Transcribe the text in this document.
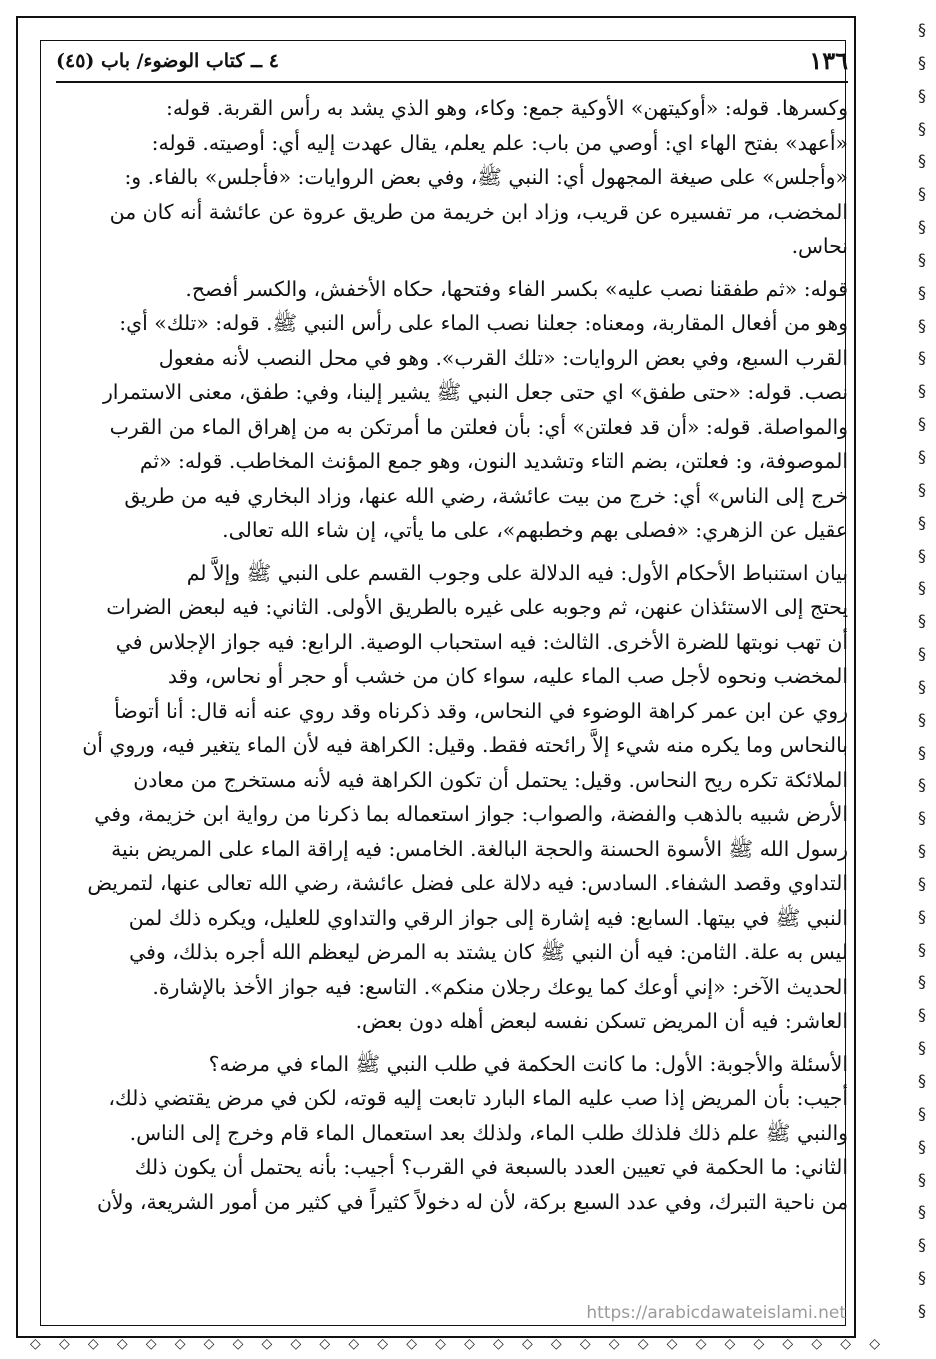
§
§
§
§
§
§
§
§
§
§
§
§
§
§
§
§
§
§
§
§
§
§
§
§
§
§
§
§
§
§
§
§
§
§
§
§
§
§
§
§
◇ ◇ ◇ ◇ ◇ ◇ ◇ ◇ ◇ ◇ ◇ ◇ ◇ ◇ ◇ ◇ ◇ ◇ ◇ ◇ ◇ ◇ ◇ ◇ ◇ ◇ ◇ ◇ ◇ ◇
١٣٦
٤ ــ كتاب الوضوء/ باب (٤٥)
وكسرها. قوله: «أوكيتهن» الأوكية جمع: وكاء، وهو الذي يشد به رأس القربة. قوله:
«أعهد» بفتح الهاء اي: أوصي من باب: علم يعلم، يقال عهدت إليه أي: أوصيته. قوله:
«وأجلس» على صيغة المجهول أي: النبي ﷺ، وفي بعض الروايات: «فأجلس» بالفاء. و:
المخضب، مر تفسيره عن قريب، وزاد ابن خريمة من طريق عروة عن عائشة أنه كان من
نحاس.
قوله: «ثم طفقنا نصب عليه» بكسر الفاء وفتحها، حكاه الأخفش، والكسر أفصح.
وهو من أفعال المقاربة، ومعناه: جعلنا نصب الماء على رأس النبي ﷺ. قوله: «تلك» أي:
القرب السبع، وفي بعض الروايات: «تلك القرب». وهو في محل النصب لأنه مفعول
نصب. قوله: «حتى طفق» اي حتى جعل النبي ﷺ يشير إلينا، وفي: طفق، معنى الاستمرار
والمواصلة. قوله: «أن قد فعلتن» أي: بأن فعلتن ما أمرتكن به من إهراق الماء من القرب
الموصوفة، و: فعلتن، بضم التاء وتشديد النون، وهو جمع المؤنث المخاطب. قوله: «ثم
خرج إلى الناس» أي: خرج من بيت عائشة، رضي الله عنها، وزاد البخاري فيه من طريق
عقيل عن الزهري: «فصلى بهم وخطبهم»، على ما يأتي، إن شاء الله تعالى.
بيان استنباط الأحكام الأول: فيه الدلالة على وجوب القسم على النبي ﷺ وإلاَّ لم
يحتج إلى الاستئذان عنهن، ثم وجوبه على غيره بالطريق الأولى. الثاني: فيه لبعض الضرات
أن تهب نوبتها للضرة الأخرى. الثالث: فيه استحباب الوصية. الرابع: فيه جواز الإجلاس في
المخضب ونحوه لأجل صب الماء عليه، سواء كان من خشب أو حجر أو نحاس، وقد
روي عن ابن عمر كراهة الوضوء في النحاس، وقد ذكرناه وقد روي عنه أنه قال: أنا أتوضأ
بالنحاس وما يكره منه شيء إلاَّ رائحته فقط. وقيل: الكراهة فيه لأن الماء يتغير فيه، وروي أن
الملائكة تكره ريح النحاس. وقيل: يحتمل أن تكون الكراهة فيه لأنه مستخرج من معادن
الأرض شبيه بالذهب والفضة، والصواب: جواز استعماله بما ذكرنا من رواية ابن خزيمة، وفي
رسول الله ﷺ الأسوة الحسنة والحجة البالغة. الخامس: فيه إراقة الماء على المريض بنية
التداوي وقصد الشفاء. السادس: فيه دلالة على فضل عائشة، رضي الله تعالى عنها، لتمريض
النبي ﷺ في بيتها. السابع: فيه إشارة إلى جواز الرقي والتداوي للعليل، ويكره ذلك لمن
ليس به علة. الثامن: فيه أن النبي ﷺ كان يشتد به المرض ليعظم الله أجره بذلك، وفي
الحديث الآخر: «إني أوعك كما يوعك رجلان منكم». التاسع: فيه جواز الأخذ بالإشارة.
العاشر: فيه أن المريض تسكن نفسه لبعض أهله دون بعض.
الأسئلة والأجوبة: الأول: ما كانت الحكمة في طلب النبي ﷺ الماء في مرضه؟
أجيب: بأن المريض إذا صب عليه الماء البارد تابعت إليه قوته، لكن في مرض يقتضي ذلك،
والنبي ﷺ علم ذلك فلذلك طلب الماء، ولذلك بعد استعمال الماء قام وخرج إلى الناس.
الثاني: ما الحكمة في تعيين العدد بالسبعة في القرب؟ أجيب: بأنه يحتمل أن يكون ذلك
من ناحية التبرك، وفي عدد السبع بركة، لأن له دخولاً كثيراً في كثير من أمور الشريعة، ولأن
https://arabicdawateislami.net
